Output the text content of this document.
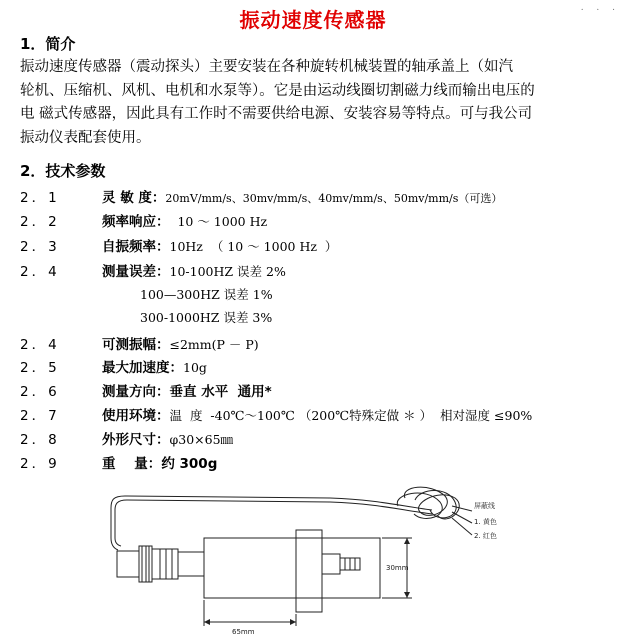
. . .
振动速度传感器
1．简介
振动速度传感器（震动探头）主要安装在各种旋转机械装置的轴承盖上（如汽
轮机、压缩机、风机、电机和水泵等）。它是由运动线圈切割磁力线而输出电压的
电 磁式传感器，因此具有工作时不需要供给电源、安装容易等特点。可与我公司
振动仪表配套使用。
2．技术参数
2．1	灵 敏 度：20mV/mm/s、30mv/mm/s、40mv/mm/s、50mv/mm/s（可选）
2．2	频率响应：  10 ～ 1000 Hz
2．3	自振频率：10Hz  （ 10 ～ 1000 Hz  ）
2．4	测量误差：10-100HZ 误差 2%
100—300HZ 误差 1%
300-1000HZ 误差 3%
2．4	可测振幅：≤2mm(P － P)
2．5	最大加速度：10g
2．6	测量方向：垂直 水平  通用*
2．7	使用环境：温  度  -40℃～100℃ （200℃特殊定做 ＊ ）  相对湿度 ≤90%
2．8	外形尺寸：φ30×65㎜
2．9	重    量：约 300g
屏蔽线
1. 黄色
2. 红色
30mm
65mm
